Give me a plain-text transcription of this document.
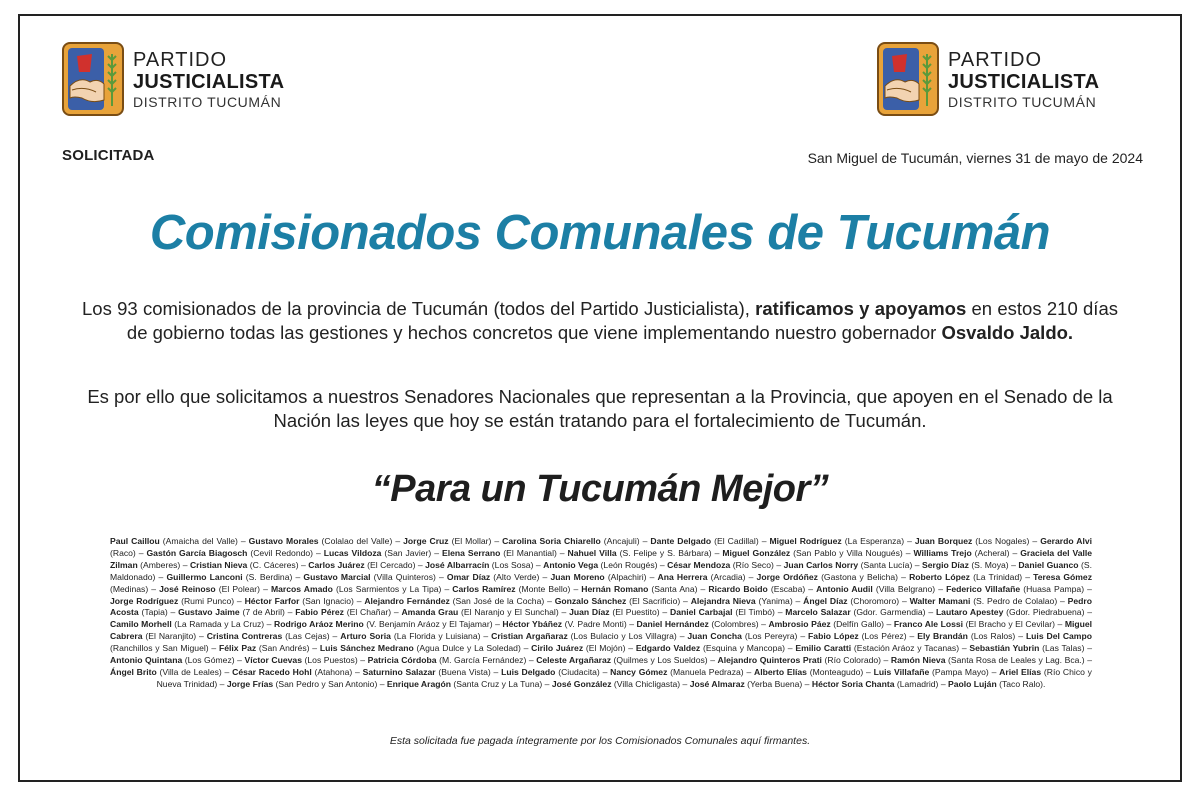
PARTIDO
JUSTICIALISTA
DISTRITO TUCUMÁN
PARTIDO
JUSTICIALISTA
DISTRITO TUCUMÁN
SOLICITADA	San Miguel de Tucumán, viernes 31 de mayo de 2024
Comisionados Comunales de Tucumán
Los 93 comisionados de la provincia de Tucumán (todos del Partido Justicialista), ratificamos y apoyamos en estos 210 días de gobierno todas las gestiones y hechos concretos que viene implementando nuestro gobernador Osvaldo Jaldo.
Es por ello que solicitamos a nuestros Senadores Nacionales que representan a la Provincia, que apoyen en el Senado de la Nación las leyes que hoy se están tratando para el fortalecimiento de Tucumán.
“Para un Tucumán Mejor”
Paul Caillou (Amaicha del Valle) – Gustavo Morales (Colalao del Valle) – Jorge Cruz (El Mollar) – Carolina Soria Chiarello (Ancajuli) – Dante Delgado (El Cadillal) – Miguel Rodríguez (La Esperanza) – Juan Borquez (Los Nogales) – Gerardo Alvi (Raco) – Gastón García Biagosch (Cevil Redondo) – Lucas Vildoza (San Javier) – Elena Serrano (El Manantial) – Nahuel Villa (S. Felipe y S. Bárbara) – Miguel González (San Pablo y Villa Nougués) – Williams Trejo (Acheral) – Graciela del Valle Zilman (Amberes) – Cristian Nieva (C. Cáceres) – Carlos Juárez (El Cercado) – José Albarracín (Los Sosa) – Antonio Vega (León Rougés) – César Mendoza (Río Seco) – Juan Carlos Norry (Santa Lucía) – Sergio Díaz (S. Moya) – Daniel Guanco (S. Maldonado) – Guillermo Lanconi (S. Berdina) – Gustavo Marcial (Villa Quinteros) – Omar Díaz (Alto Verde) – Juan Moreno (Alpachiri) – Ana Herrera (Arcadia) – Jorge Ordóñez (Gastona y Belicha) – Roberto López (La Trinidad) – Teresa Gómez (Medinas) – José Reinoso (El Polear) – Marcos Amado (Los Sarmientos y La Tipa) – Carlos Ramírez (Monte Bello) – Hernán Romano (Santa Ana) – Ricardo Boido (Escaba) – Antonio Audil (Villa Belgrano) – Federico Villafañe (Huasa Pampa) – Jorge Rodríguez (Rumi Punco) – Héctor Farfor (San Ignacio) – Alejandro Fernández (San José de la Cocha) – Gonzalo Sánchez (El Sacrificio) – Alejandra Nieva (Yanima) – Ángel Díaz (Choromoro) – Walter Mamani (S. Pedro de Colalao) – Pedro Acosta (Tapia) – Gustavo Jaime (7 de Abril) – Fabio Pérez (El Chañar) – Amanda Grau (El Naranjo y El Sunchal) – Juan Díaz (El Puestito) – Daniel Carbajal (El Timbó) – Marcelo Salazar (Gdor. Garmendia) – Lautaro Apestey (Gdor. Piedrabuena) – Camilo Morhell (La Ramada y La Cruz) – Rodrigo Aráoz Merino (V. Benjamín Aráoz y El Tajamar) – Héctor Ybáñez (V. Padre Monti) – Daniel Hernández (Colombres) – Ambrosio Páez (Delfín Gallo) – Franco Ale Lossi (El Bracho y El Cevilar) – Miguel Cabrera (El Naranjito) – Cristina Contreras (Las Cejas) – Arturo Soria (La Florida y Luisiana) – Cristian Argañaraz (Los Bulacio y Los Villagra) – Juan Concha (Los Pereyra) – Fabio López (Los Pérez) – Ely Brandán (Los Ralos) – Luis Del Campo (Ranchillos y San Miguel) – Félix Paz (San Andrés) – Luis Sánchez Medrano (Agua Dulce y La Soledad) – Cirilo Juárez (El Mojón) – Edgardo Valdez (Esquina y Mancopa) – Emilio Caratti (Estación Aráoz y Tacanas) – Sebastián Yubrin (Las Talas) – Antonio Quintana (Los Gómez) – Víctor Cuevas (Los Puestos) – Patricia Córdoba (M. García Fernández) – Celeste Argañaraz (Quilmes y Los Sueldos) – Alejandro Quinteros Prati (Río Colorado) – Ramón Nieva (Santa Rosa de Leales y Lag. Bca.) – Ángel Brito (Villa de Leales) – César Racedo Hohl (Atahona) – Saturnino Salazar (Buena Vista) – Luis Delgado (Ciudacita) – Nancy Gómez (Manuela Pedraza) – Alberto Elías (Monteagudo) – Luis Villafañe (Pampa Mayo) – Ariel Elías (Río Chico y Nueva Trinidad) – Jorge Frías (San Pedro y San Antonio) – Enrique Aragón (Santa Cruz y La Tuna) – José González (Villa Chicligasta) – José Almaraz (Yerba Buena) – Héctor Soria Chanta (Lamadrid) – Paolo Luján (Taco Ralo).
Esta solicitada fue pagada íntegramente por los Comisionados Comunales aquí firmantes.
